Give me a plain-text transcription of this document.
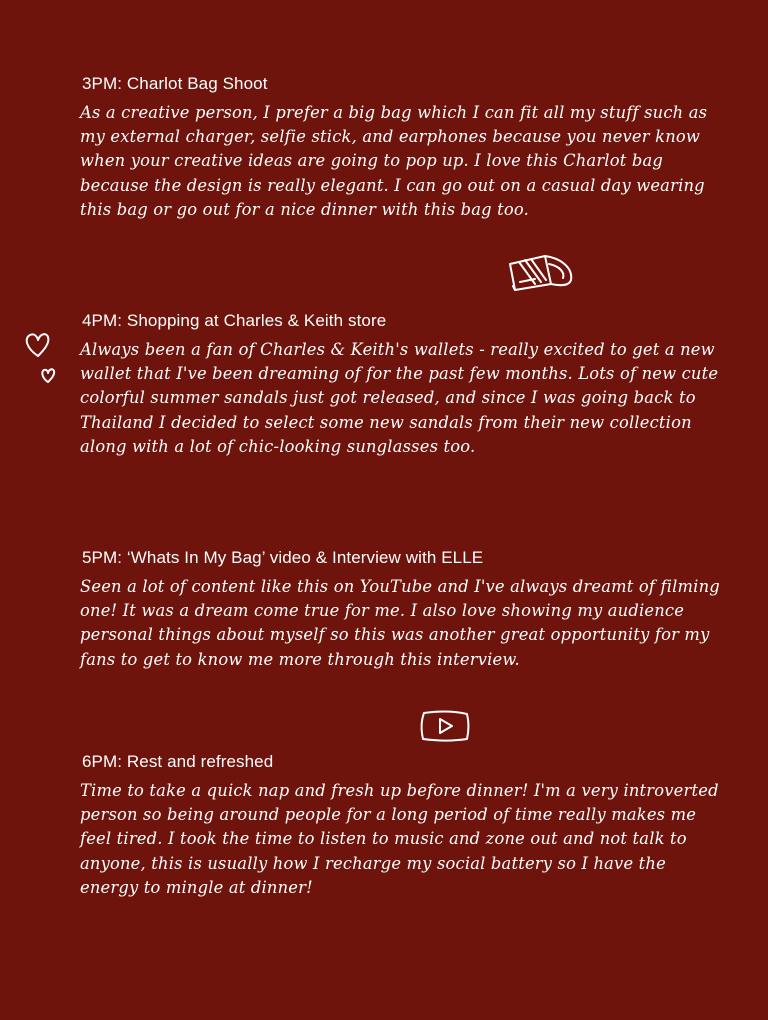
3PM: Charlot Bag Shoot

As a creative person, I prefer a big bag which I can fit all my stuff such as my external charger, selfie stick, and earphones because you never know when your creative ideas are going to pop up. I love this Charlot bag because the design is really elegant. I can go out on a casual day wearing this bag or go out for a nice dinner with this bag too.

4PM: Shopping at Charles & Keith store

Always been a fan of Charles & Keith's wallets - really excited to get a new wallet that I've been dreaming of for the past few months. Lots of new cute colorful summer sandals just got released, and since I was going back to Thailand I decided to select some new sandals from their new collection along with a lot of chic-looking sunglasses too.

5PM: ‘Whats In My Bag’ video & Interview with ELLE

Seen a lot of content like this on YouTube and I've always dreamt of filming one! It was a dream come true for me. I also love showing my audience personal things about myself so this was another great opportunity for my fans to get to know me more through this interview.

6PM: Rest and refreshed

Time to take a quick nap and fresh up before dinner! I'm a very introverted person so being around people for a long period of time really makes me feel tired. I took the time to listen to music and zone out and not talk to anyone, this is usually how I recharge my social battery so I have the energy to mingle at dinner!
